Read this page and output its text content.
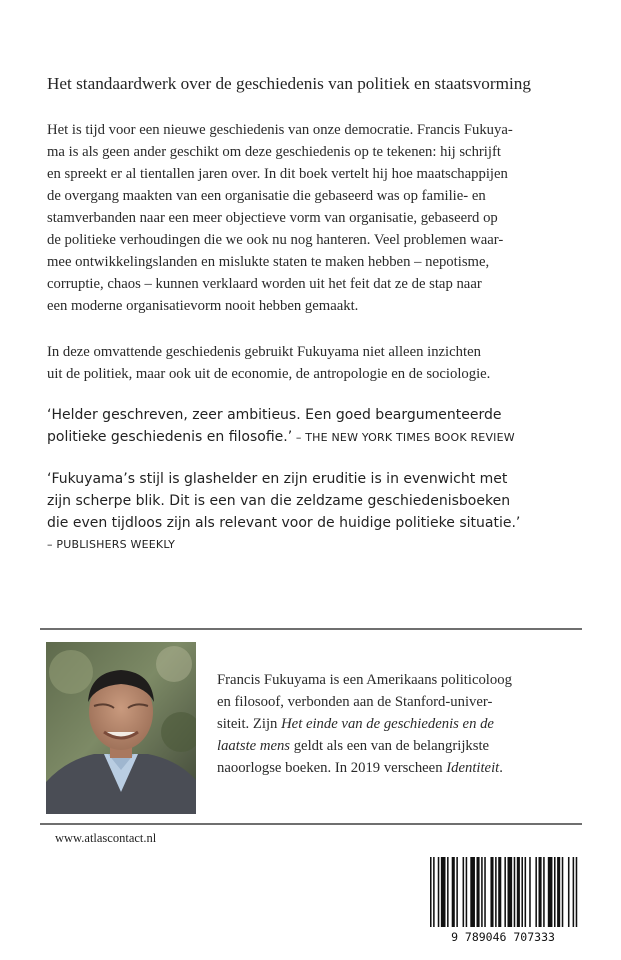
Het standaardwerk over de geschiedenis van politiek en staatsvorming
Het is tijd voor een nieuwe geschiedenis van onze democratie. Francis Fukuya-
ma is als geen ander geschikt om deze geschiedenis op te tekenen: hij schrijft
en spreekt er al tientallen jaren over. In dit boek vertelt hij hoe maatschappijen
de overgang maakten van een organisatie die gebaseerd was op familie- en
stamverbanden naar een meer objectieve vorm van organisatie, gebaseerd op
de politieke verhoudingen die we ook nu nog hanteren. Veel problemen waar-
mee ontwikkelingslanden en mislukte staten te maken hebben – nepotisme,
corruptie, chaos – kunnen verklaard worden uit het feit dat ze de stap naar
een moderne organisatievorm nooit hebben gemaakt.
In deze omvattende geschiedenis gebruikt Fukuyama niet alleen inzichten
uit de politiek, maar ook uit de economie, de antropologie en de sociologie.
‘Helder geschreven, zeer ambitieus. Een goed beargumenteerde
politieke geschiedenis en filosofie.’ – THE NEW YORK TIMES BOOK REVIEW
‘Fukuyama’s stijl is glashelder en zijn eruditie is in evenwicht met
zijn scherpe blik. Dit is een van die zeldzame geschiedenisboeken
die even tijdloos zijn als relevant voor de huidige politieke situatie.’
– PUBLISHERS WEEKLY
Francis Fukuyama is een Amerikaans politicoloog
en filosoof, verbonden aan de Stanford-univer-
siteit. Zijn Het einde van de geschiedenis en de
laatste mens geldt als een van de belangrijkste
naoorlogse boeken. In 2019 verscheen Identiteit.
www.atlascontact.nl
9 789046 707333
